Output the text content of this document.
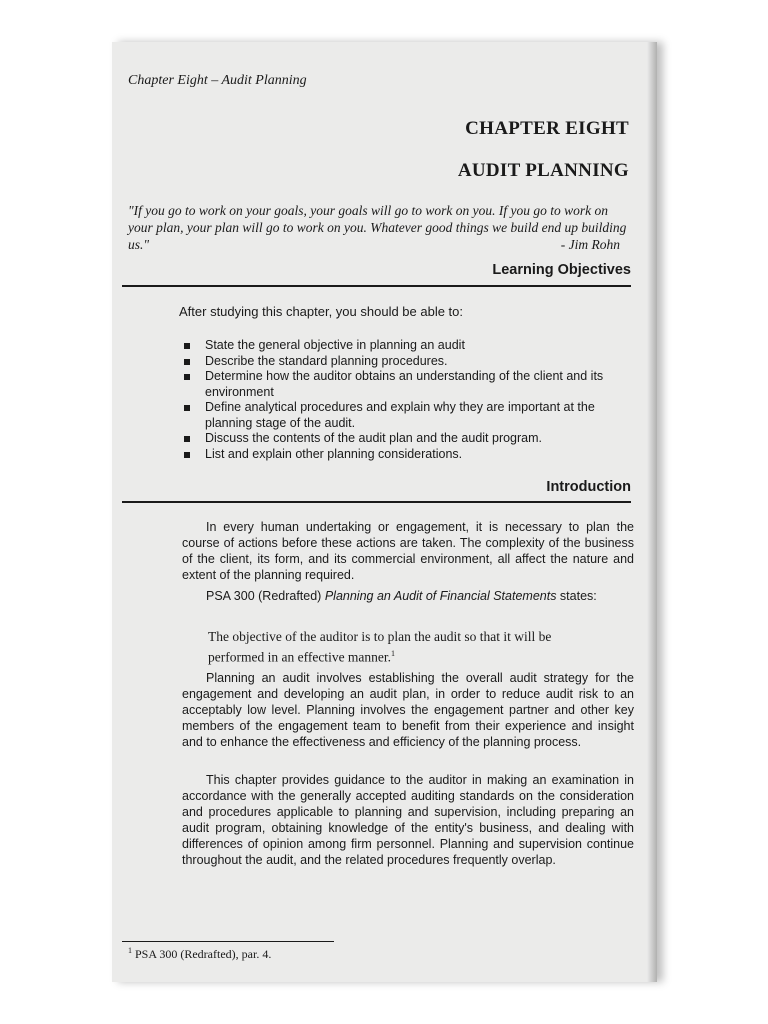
Chapter Eight – Audit Planning
CHAPTER EIGHT
AUDIT PLANNING
"If you go to work on your goals, your goals will go to work on you. If you go to work on your plan, your plan will go to work on you. Whatever good things we build end up building us."	- Jim Rohn
Learning Objectives
After studying this chapter, you should be able to:
State the general objective in planning an audit
Describe the standard planning procedures.
Determine how the auditor obtains an understanding of the client and its environment
Define analytical procedures and explain why they are important at the planning stage of the audit.
Discuss the contents of the audit plan and the audit program.
List and explain other planning considerations.
Introduction

In every human undertaking or engagement, it is necessary to plan the course of actions before these actions are taken. The complexity of the business of the client, its form, and its commercial environment, all affect the nature and extent of the planning required.

PSA 300 (Redrafted) Planning an Audit of Financial Statements states:

The objective of the auditor is to plan the audit so that it will be performed in an effective manner.$^1$

Planning an audit involves establishing the overall audit strategy for the engagement and developing an audit plan, in order to reduce audit risk to an acceptably low level. Planning involves the engagement partner and other key members of the engagement team to benefit from their experience and insight and to enhance the effectiveness and efficiency of the planning process.

This chapter provides guidance to the auditor in making an examination in accordance with the generally accepted auditing standards on the consideration and procedures applicable to planning and supervision, including preparing an audit program, obtaining knowledge of the entity's business, and dealing with differences of opinion among firm personnel. Planning and supervision continue throughout the audit, and the related procedures frequently overlap.

$^1$ PSA 300 (Redrafted), par. 4.
